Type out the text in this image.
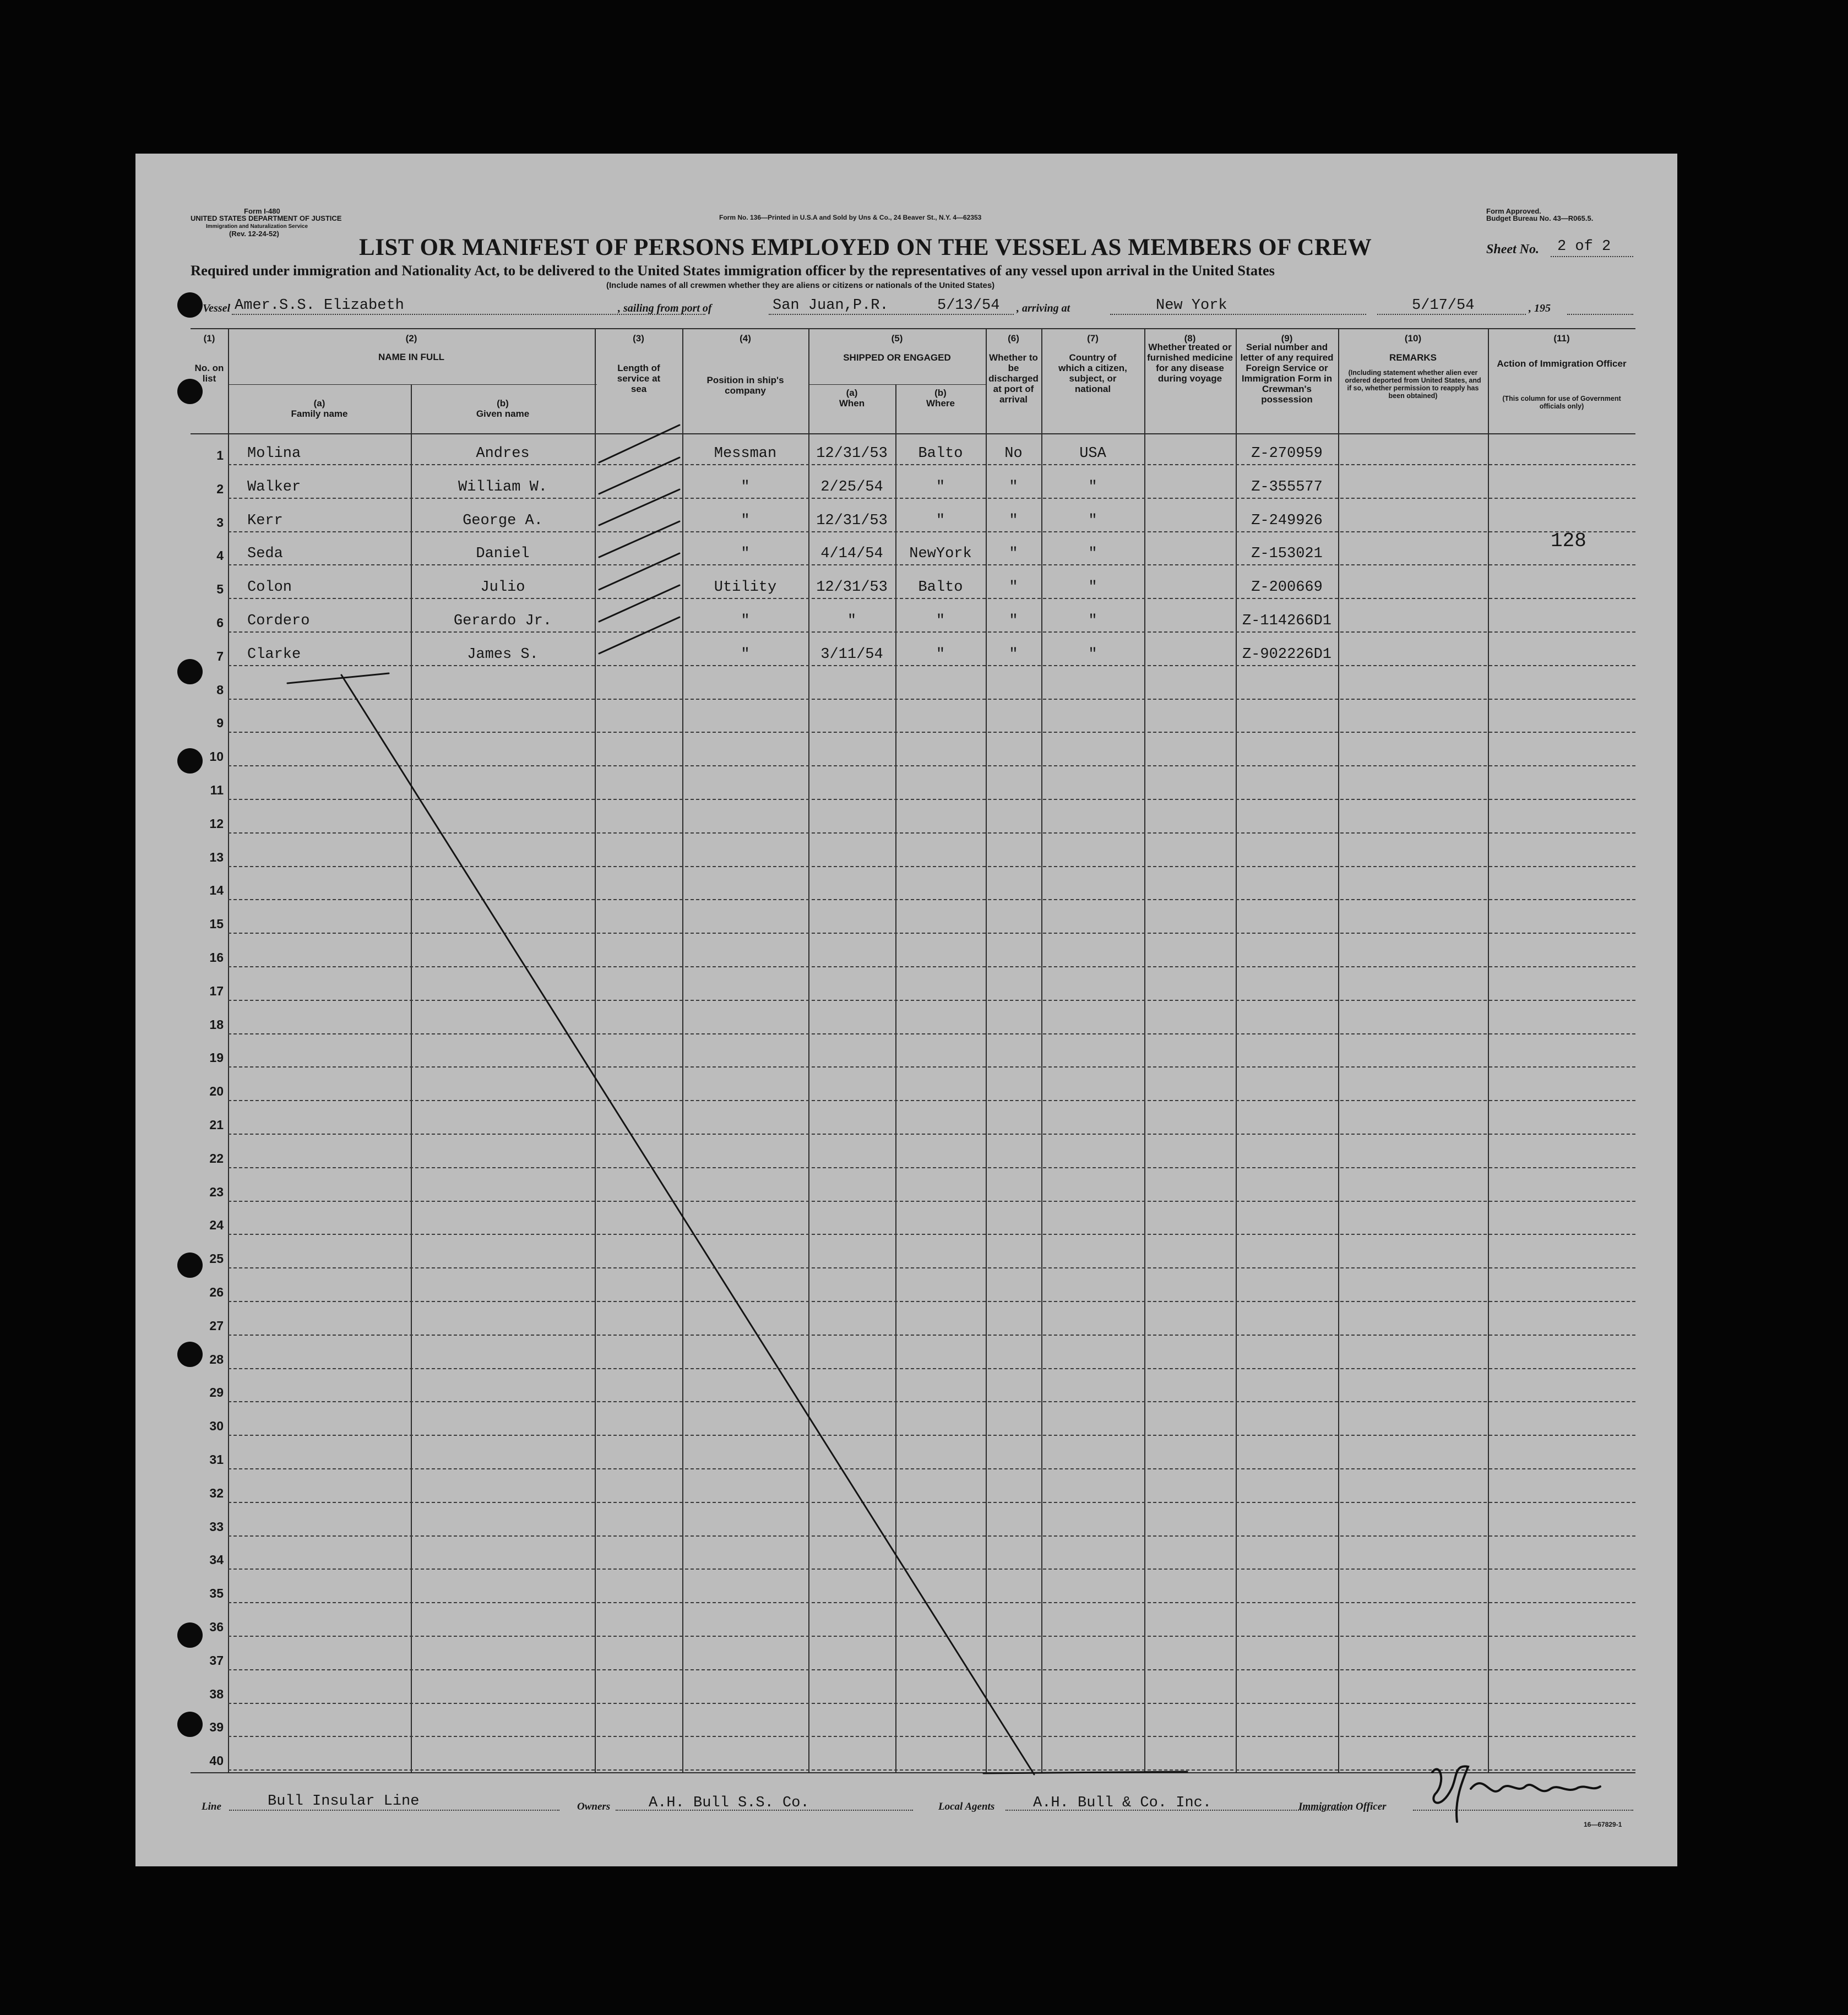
Form I-480
UNITED STATES DEPARTMENT OF JUSTICE
Immigration and Naturalization Service
(Rev. 12-24-52)
Form No. 136—Printed in U.S.A and Sold by Uns & Co., 24 Beaver St., N.Y. 4—62353
Form Approved.
Budget Bureau No. 43—R065.5.
LIST OR MANIFEST OF PERSONS EMPLOYED ON THE VESSEL AS MEMBERS OF CREW	Sheet No. 2 of 2
Required under immigration and Nationality Act, to be delivered to the United States immigration officer by the representatives of any vessel upon arrival in the United States
(Include names of all crewmen whether they are aliens or citizens or nationals of the United States)
Vessel Amer.S.S. Elizabeth	, sailing from port of	San Juan,P.R.	5/13/54 , arriving at	New York	5/17/54	, 195
(1)
No. on list
(2)
NAME IN FULL
(a)
Family name
(b)
Given name
(3)
Length of service at sea
(4)
Position in ship's company
(5)
SHIPPED OR ENGAGED
(a)
When
(b)
Where
(6)
Whether to be discharged at port of arrival
(7)
Country of which a citizen, subject, or national
(8)
Whether treated or furnished medicine for any disease during voyage
(9)
Serial number and letter of any required Foreign Service or Immigration Form in Crewman's possession
(10)
REMARKS
(Including statement whether alien ever ordered deported from United States, and if so, whether permission to reapply has been obtained)
(11)
Action of Immigration Officer
(This column for use of Government officials only)
1 Molina	Andres	Messman	12/31/53	Balto	No	USA	Z-270959
2 Walker	William W.	"	2/25/54	"	"	"	Z-355577
3 Kerr	George A.	"	12/31/53	"	"	"	Z-249926
4 Seda	Daniel	"	4/14/54	NewYork	"	"	Z-153021
5 Colon	Julio	Utility	12/31/53	Balto	"	"	Z-200669
6 Cordero	Gerardo Jr.	"	"	"	"	"	Z-114266D1
7 Clarke	James S.	"	3/11/54	"	"	"	Z-902226D1
8
9
10
11
12
13
14
15
16
17
18
19
20
21
22
23
24
25
26
27
28
29
30
31
32
33
34
35
36
37
38
39
40
128
Line	Bull Insular Line	Owners	A.H. Bull S.S. Co.	Local Agents	A.H. Bull & Co. Inc.	Immigration Officer
16—67829-1
